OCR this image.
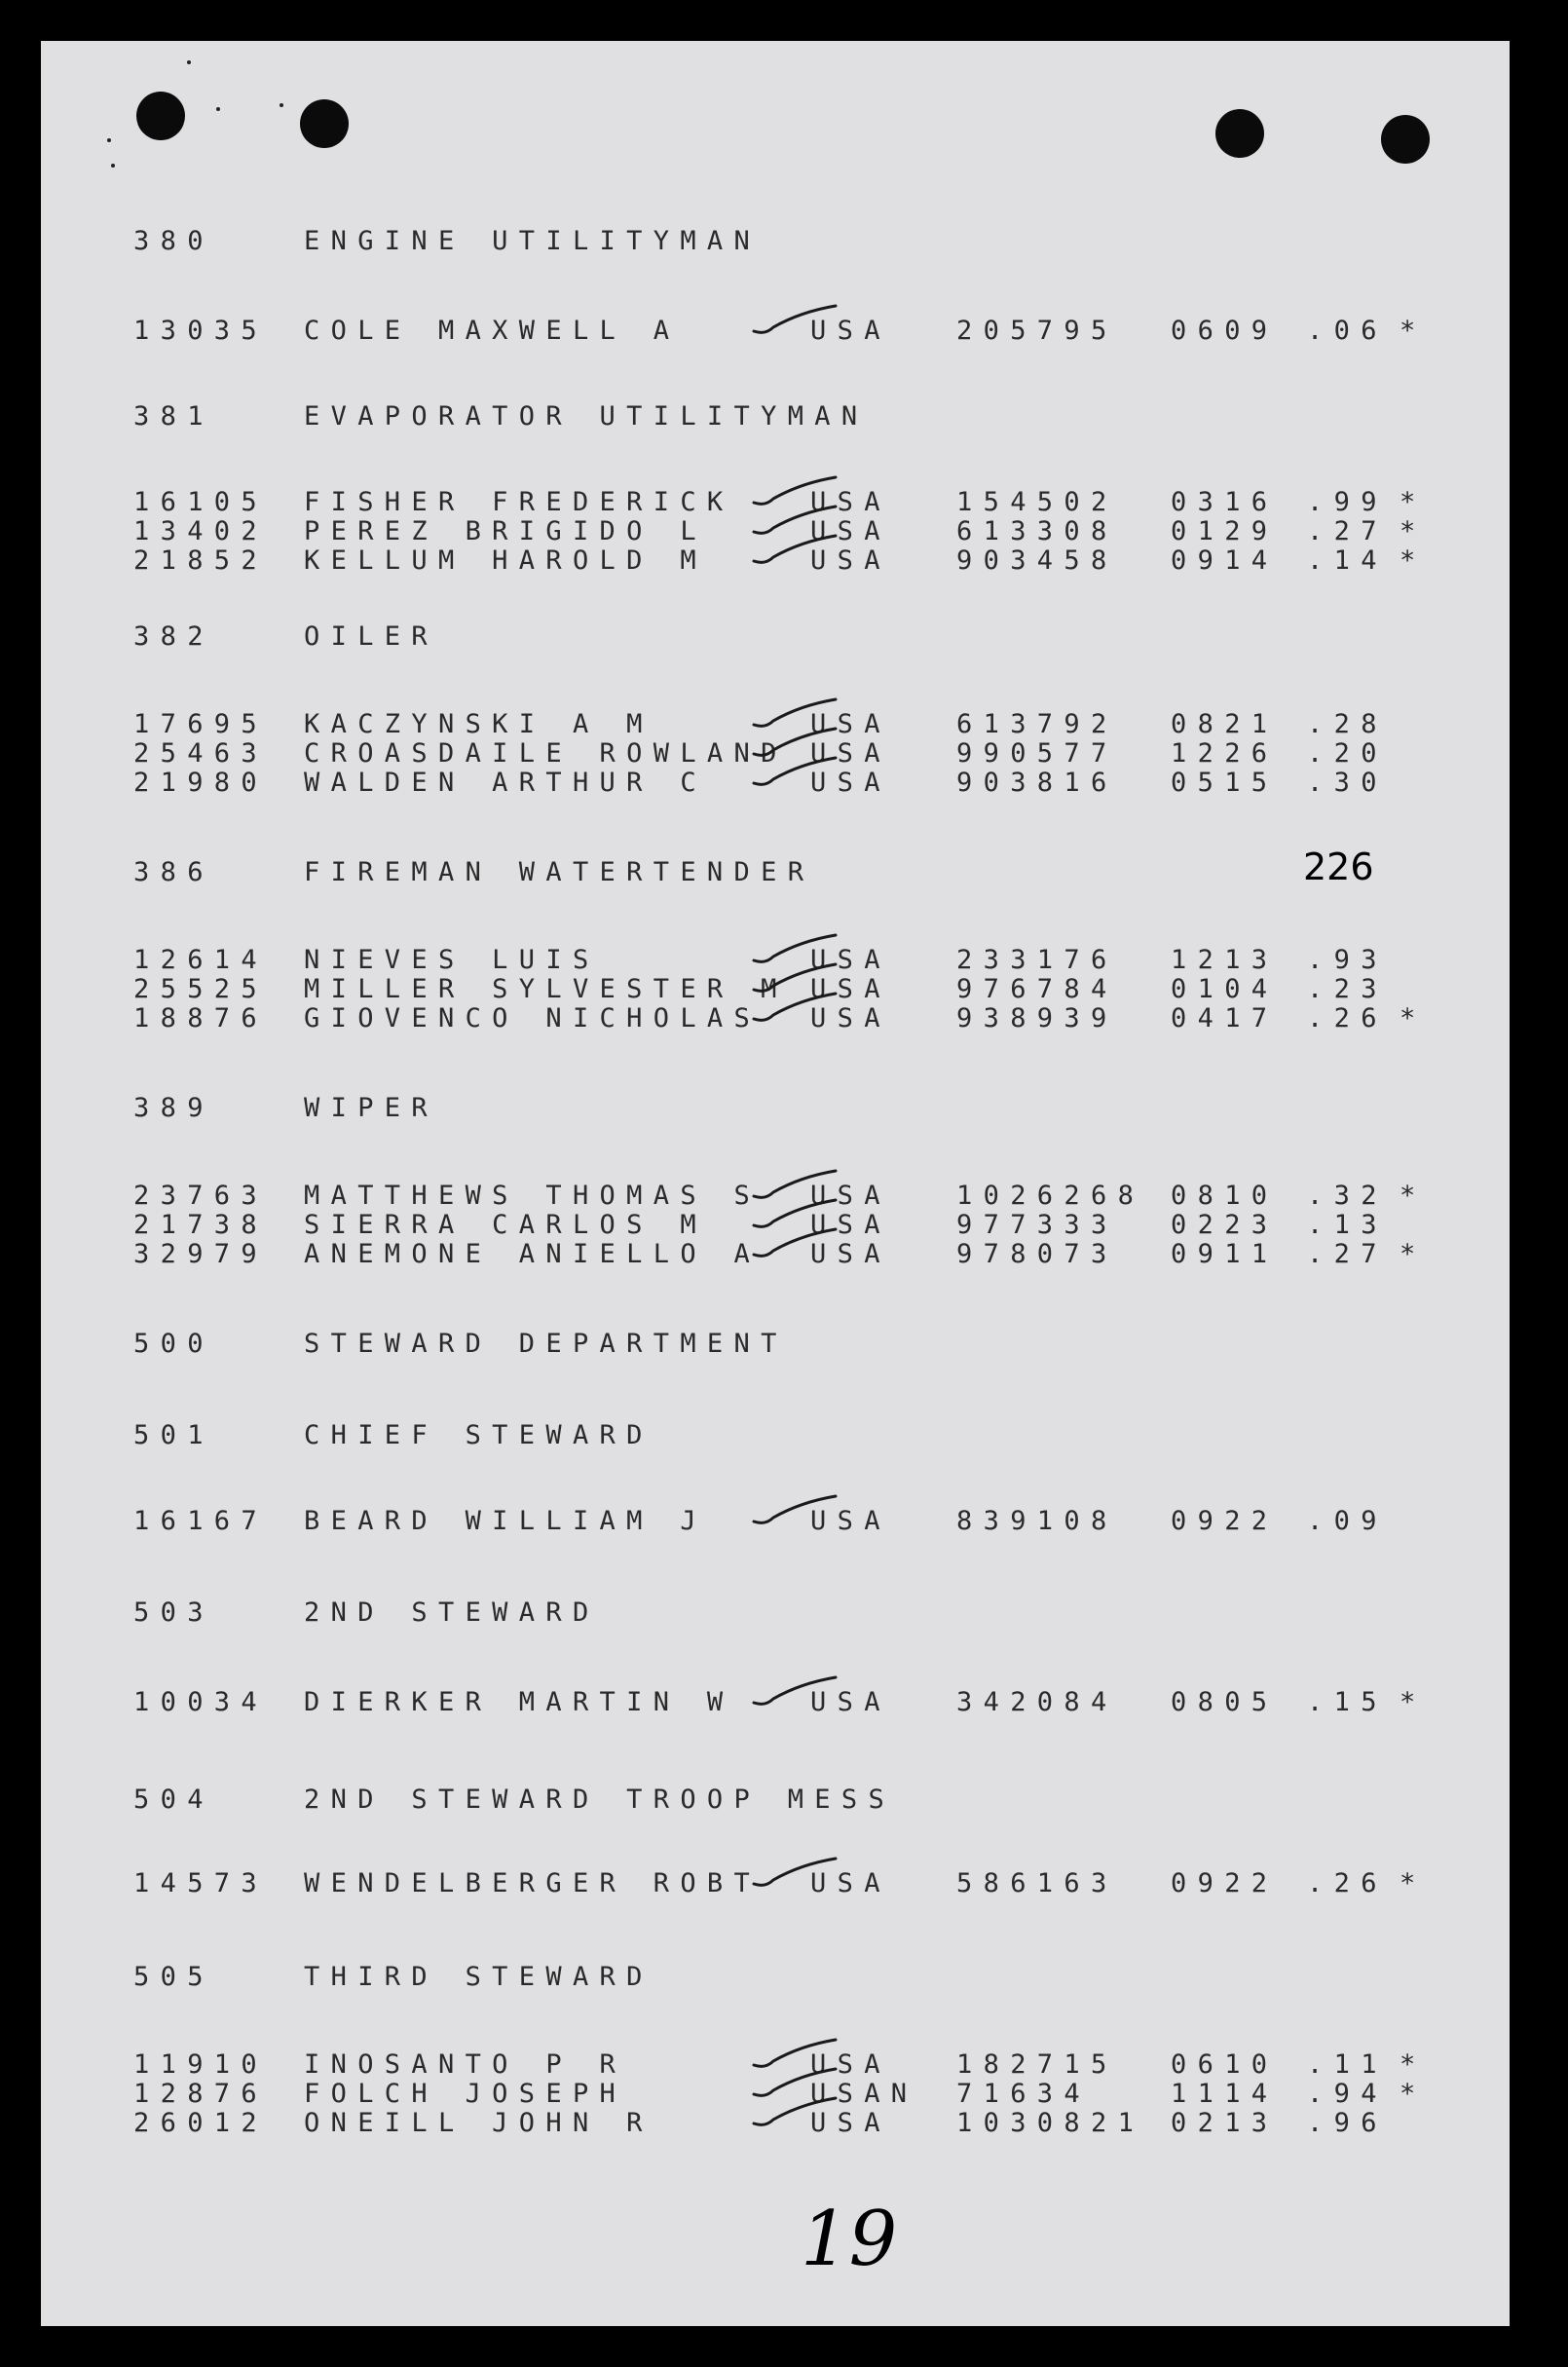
380	ENGINE UTILITYMAN
13035 COLE MAXWELL A	USA 205795 0609 .06 *
381	EVAPORATOR UTILITYMAN
16105 FISHER FREDERICK	USA 154502 0316 .99 *
13402 PEREZ BRIGIDO L	USA 613308 0129 .27 *
21852 KELLUM HAROLD M	USA 903458 0914 .14 *
382	OILER
17695 KACZYNSKI A M	USA 613792 0821 .28
25463 CROASDAILE ROWLAND USA 990577 1226 .20
21980 WALDEN ARTHUR C	USA 903816 0515 .30
386	FIREMAN WATERTENDER
12614 NIEVES LUIS	USA 233176 1213 .93
25525 MILLER SYLVESTER M USA 976784 0104 .23
18876 GIOVENCO NICHOLAS USA 938939 0417 .26 *
389	WIPER
23763 MATTHEWS THOMAS S USA 1026268 0810 .32 *
21738 SIERRA CARLOS M	USA 977333 0223 .13
32979 ANEMONE ANIELLO A USA 978073 0911 .27 *
500	STEWARD DEPARTMENT
501	CHIEF STEWARD
16167 BEARD WILLIAM J	USA 839108 0922 .09
503	2ND STEWARD
10034 DIERKER MARTIN W	USA 342084 0805 .15 *
504	2ND STEWARD TROOP MESS
14573 WENDELBERGER ROBT USA 586163 0922 .26 *
505	THIRD STEWARD
11910 INOSANTO P R	USA 182715 0610 .11 *
12876 FOLCH JOSEPH	USAN 71634	1114 .94 *
26012 ONEILL JOHN R	USA 1030821 0213 .96
226
19
